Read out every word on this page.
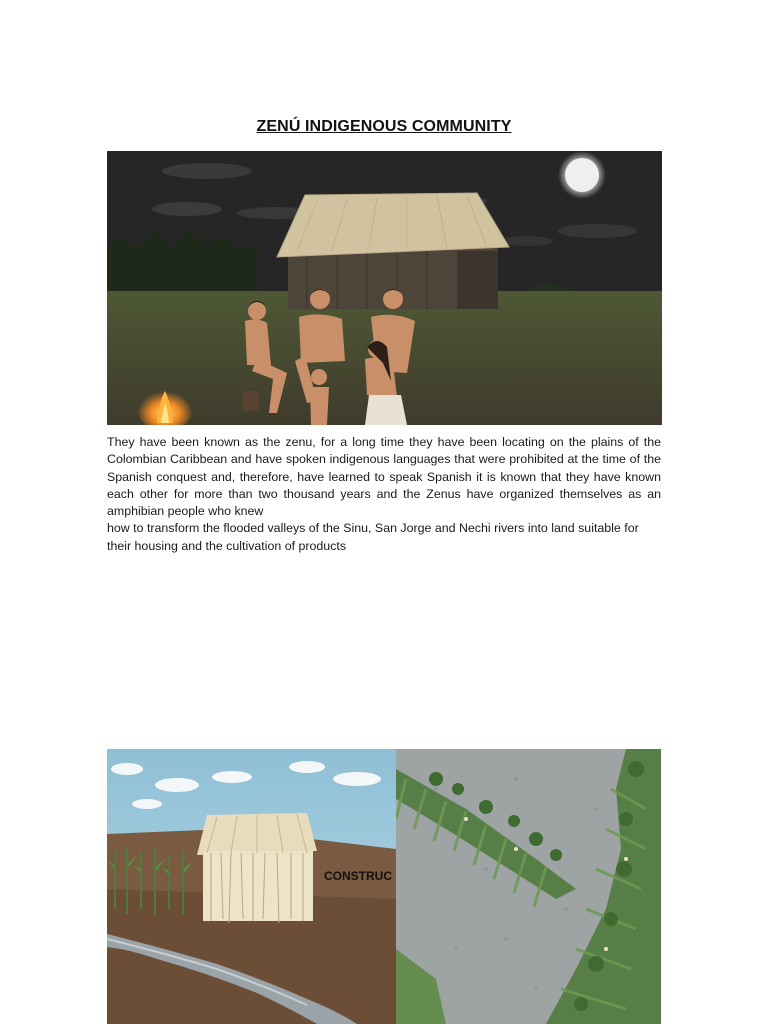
ZENÚ INDIGENOUS COMMUNITY

They have been known as the zenu, for a long time they have been locating on the plains of the Colombian Caribbean and have spoken indigenous languages that were prohibited at the time of the Spanish conquest and, therefore, have learned to speak Spanish it is known that they have known each other for more than two thousand years and the Zenus have organized themselves as an amphibian people who knew

how to transform the flooded valleys of the Sinu, San Jorge and Nechi rivers into land suitable for their housing and the cultivation of products

CONSTRUC
